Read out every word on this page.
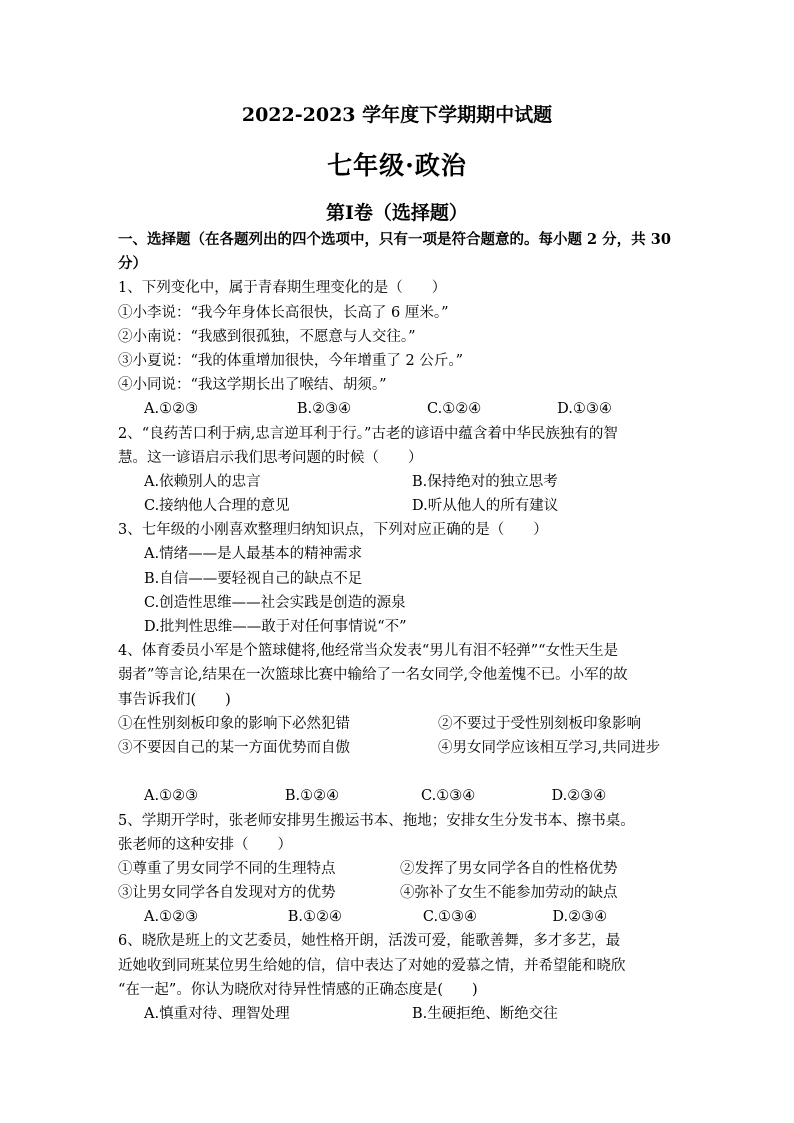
2022-2023 学年度下学期期中试题
七年级·政治
第Ⅰ卷（选择题）
一、选择题（在各题列出的四个选项中，只有一项是符合题意的。每小题 2 分，共 30 分）
1、下列变化中，属于青春期生理变化的是（　　）
①小李说：“我今年身体长高很快，长高了 6 厘米。”
②小南说：“我感到很孤独，不愿意与人交往。”
③小夏说：“我的体重增加很快，今年增重了 2 公斤。”
④小同说：“我这学期长出了喉结、胡须。”
A.①②③	B.②③④	C.①②④	D.①③④
2、“良药苦口利于病,忠言逆耳利于行。”古老的谚语中蕴含着中华民族独有的智
慧。这一谚语启示我们思考问题的时候（　　）
A.依赖别人的忠言	B.保持绝对的独立思考
C.接纳他人合理的意见	D.听从他人的所有建议
3、七年级的小刚喜欢整理归纳知识点，下列对应正确的是（　　）
A.情绪——是人最基本的精神需求
B.自信——要轻视自己的缺点不足
C.创造性思维——社会实践是创造的源泉
D.批判性思维——敢于对任何事情说“不”
4、体育委员小军是个篮球健将,他经常当众发表“男儿有泪不轻弹”“女性天生是
弱者”等言论,结果在一次篮球比赛中输给了一名女同学,令他羞愧不已。小军的故
事告诉我们(　　)
①在性别刻板印象的影响下必然犯错	②不要过于受性别刻板印象影响
③不要因自己的某一方面优势而自傲	④男女同学应该相互学习,共同进步
A.①②③	B.①②④	C.①③④	D.②③④
5、学期开学时，张老师安排男生搬运书本、拖地；安排女生分发书本、擦书桌。
张老师的这种安排（　　）
①尊重了男女同学不同的生理特点	②发挥了男女同学各自的性格优势
③让男女同学各自发现对方的优势	④弥补了女生不能参加劳动的缺点
A.①②③	B.①②④	C.①③④	D.②③④
6、晓欣是班上的文艺委员，她性格开朗，活泼可爱，能歌善舞，多才多艺，最
近她收到同班某位男生给她的信，信中表达了对她的爱慕之情，并希望能和晓欣
“在一起”。你认为晓欣对待异性情感的正确态度是(　　)
A.慎重对待、理智处理	B.生硬拒绝、断绝交往
